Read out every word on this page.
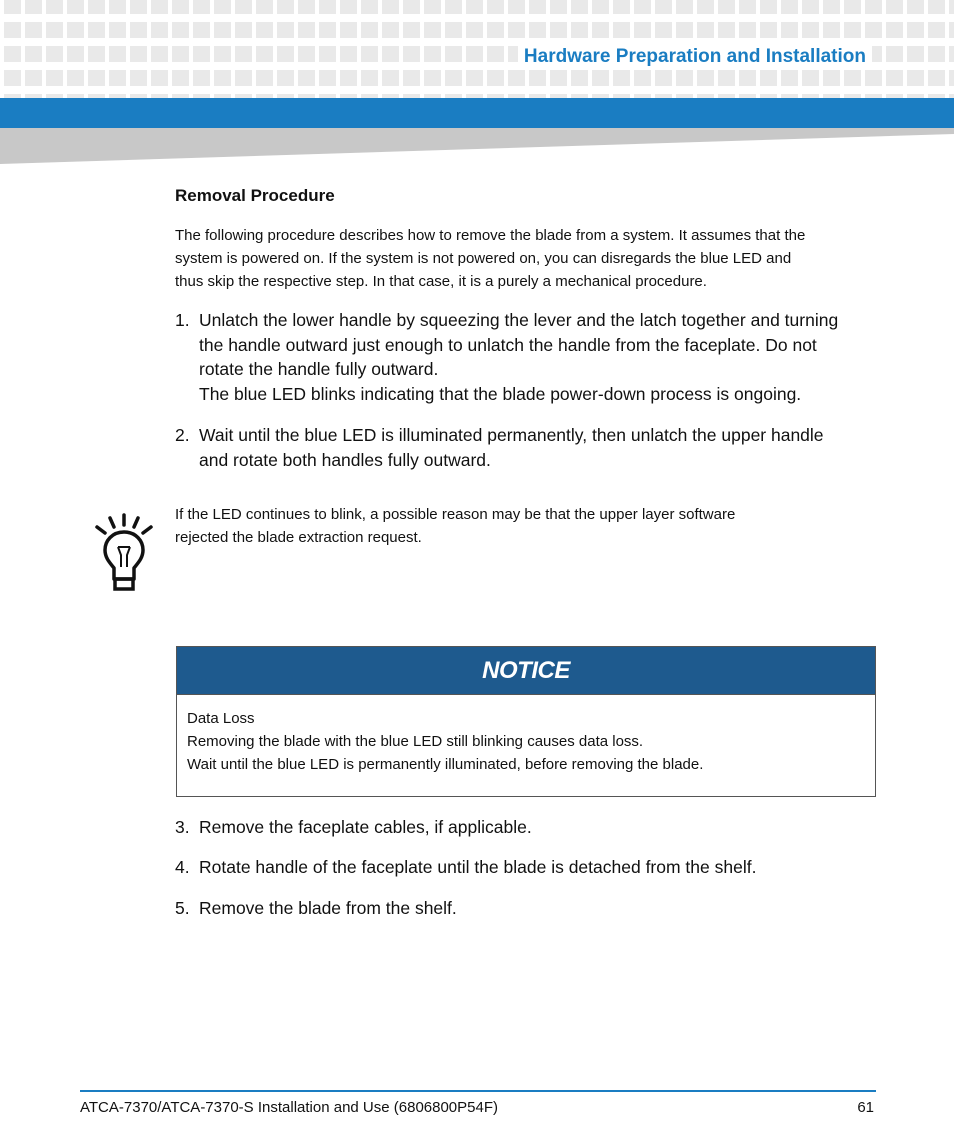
Hardware Preparation and Installation
Removal Procedure
The following procedure describes how to remove the blade from a system. It assumes that the
system is powered on. If the system is not powered on, you can disregards the blue LED and
thus skip the respective step. In that case, it is a purely a mechanical procedure.
1. Unlatch the lower handle by squeezing the lever and the latch together and turning
the handle outward just enough to unlatch the handle from the faceplate. Do not
rotate the handle fully outward.
The blue LED blinks indicating that the blade power-down process is ongoing.
2. Wait until the blue LED is illuminated permanently, then unlatch the upper handle
and rotate both handles fully outward.
If the LED continues to blink, a possible reason may be that the upper layer software
rejected the blade extraction request.
NOTICE
Data Loss
Removing the blade with the blue LED still blinking causes data loss.
Wait until the blue LED is permanently illuminated, before removing the blade.
3. Remove the faceplate cables, if applicable.
4. Rotate handle of the faceplate until the blade is detached from the shelf.
5. Remove the blade from the shelf.
ATCA-7370/ATCA-7370-S Installation and Use (6806800P54F)	61
